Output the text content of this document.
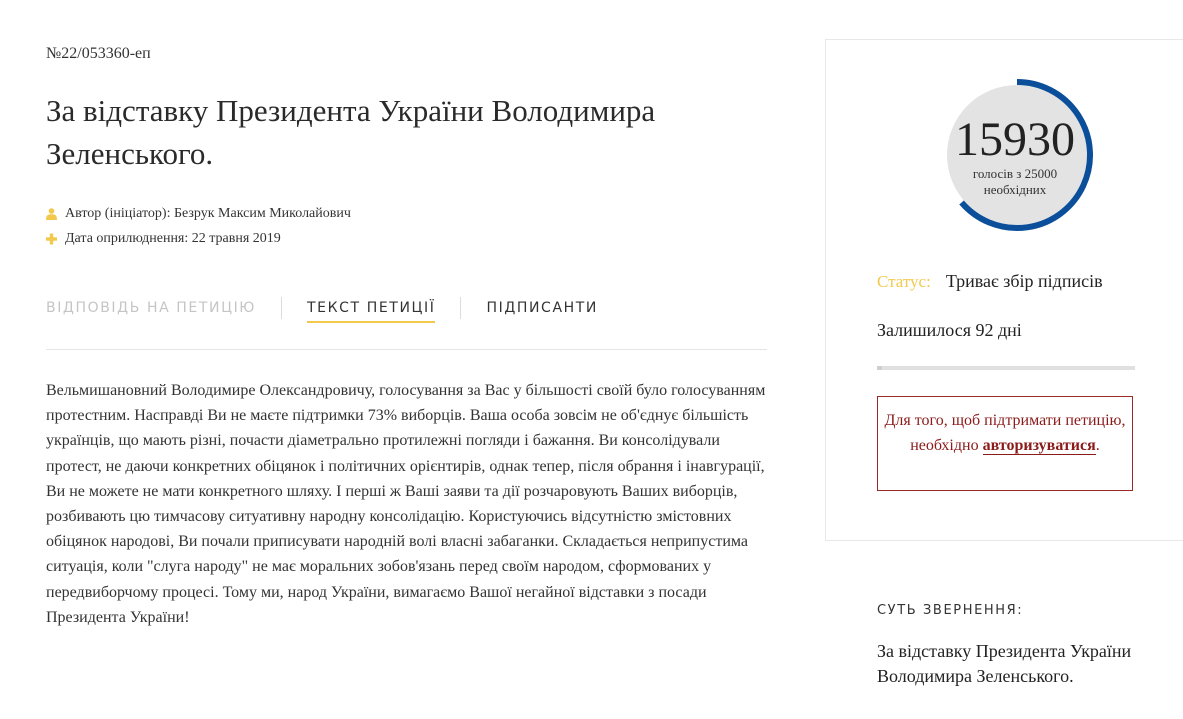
№22/053360-еп
За відставку Президента України Володимира Зеленського.
Автор (ініціатор):
Безрук Максим Миколайович
Дата оприлюднення:
22 травня 2019
ВІДПОВІДЬ НА ПЕТИЦІЮ	ТЕКСТ ПЕТИЦІЇ	ПІДПИСАНТИ

Вельмишановний Володимире Олександровичу, голосування за Вас у більшості своїй було голосуванням протестним. Насправді Ви не маєте підтримки 73% виборців. Ваша особа зовсім не об'єднує більшість українців, що мають різні, почасти діаметрально протилежні погляди і бажання. Ви консолідували протест, не даючи конкретних обіцянок і політичних орієнтирів, однак тепер, після обрання і інавгурації, Ви не можете не мати конкретного шляху. І перші ж Ваші заяви та дії розчаровують Ваших виборців, розбивають цю тимчасову ситуативну народну консолідацію. Користуючись відсутністю змістовних обіцянок народові, Ви почали приписувати народній волі власні забаганки. Складається неприпустима ситуація, коли "слуга народу" не має моральних зобов'язань перед своїм народом, сформованих у передвиборчому процесі. Тому ми, народ України, вимагаємо Вашої негайної відставки з посади Президента України!

15930
голосів з 25000 необхідних
Статус: Триває збір підписів
Залишилося 92 дні
Для того, щоб підтримати петицію, необхідно авторизуватися.
СУТЬ ЗВЕРНЕННЯ:
За відставку Президента України Володимира Зеленського.
